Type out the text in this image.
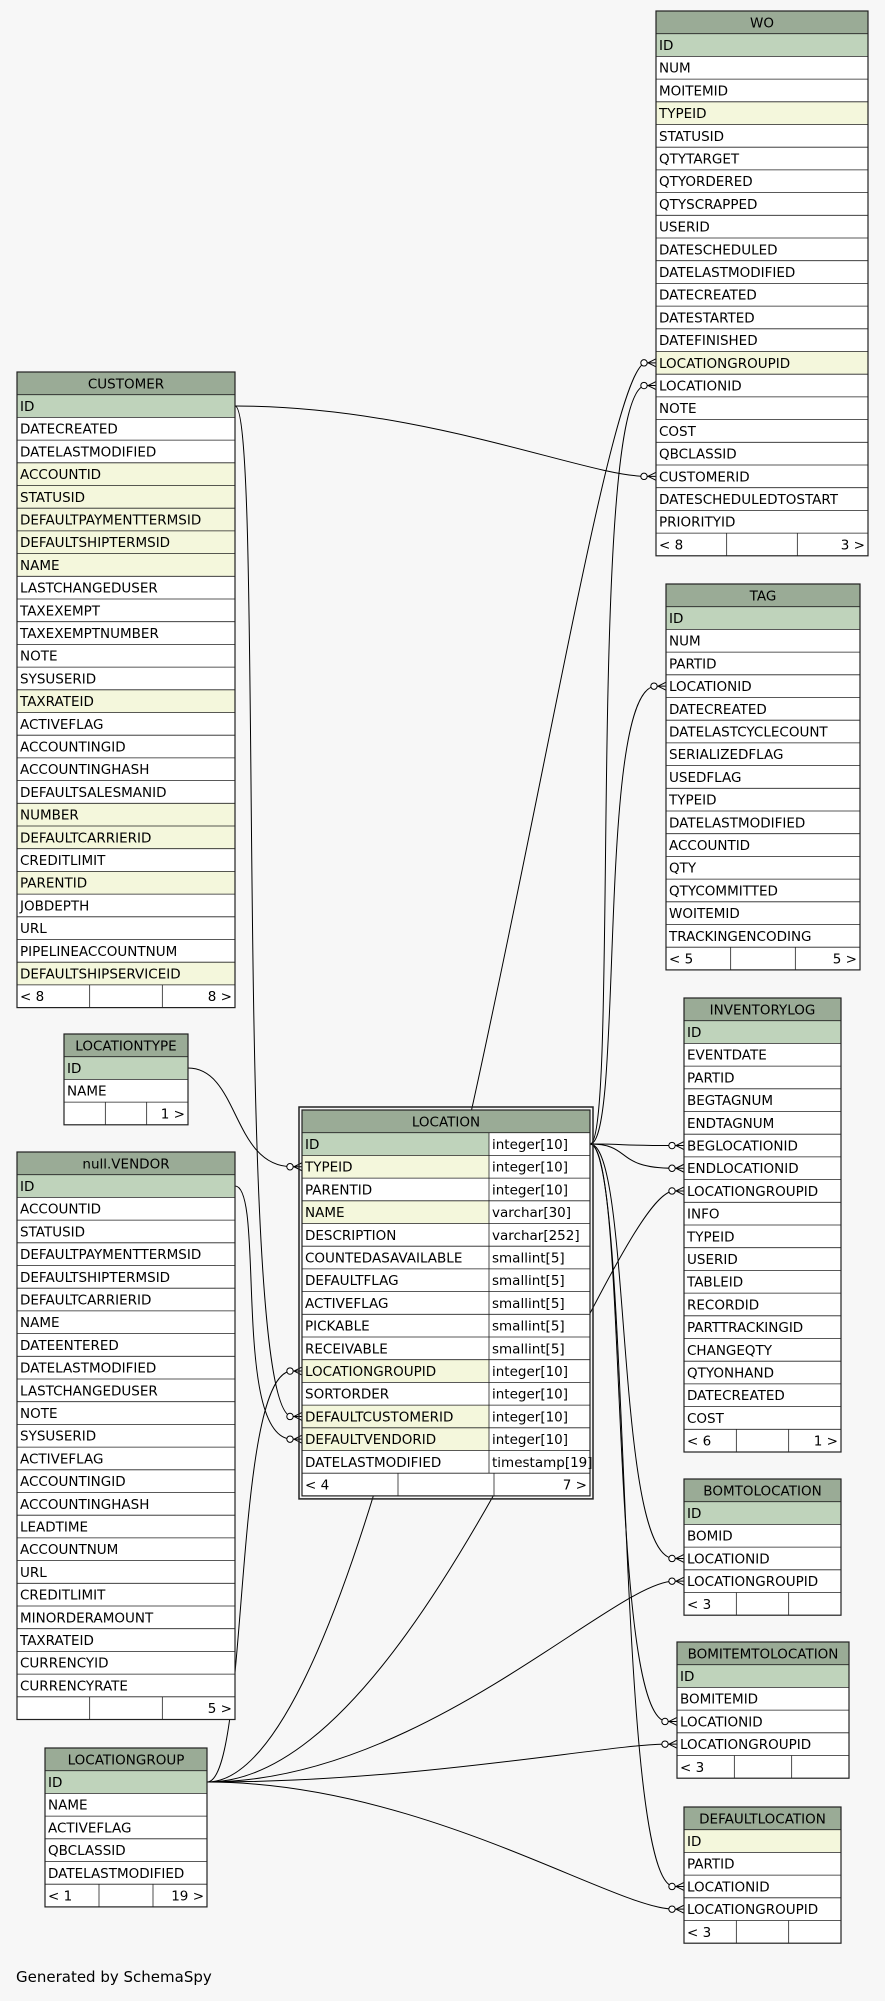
WO
ID
NUM
MOITEMID
TYPEID
STATUSID
QTYTARGET
QTYORDERED
QTYSCRAPPED
USERID
DATESCHEDULED
DATELASTMODIFIED
DATECREATED
DATESTARTED
DATEFINISHED
LOCATIONGROUPID
LOCATIONID
NOTE
COST
QBCLASSID
CUSTOMERID
DATESCHEDULEDTOSTART
PRIORITYID
< 8	3 >
TAG
ID
NUM
PARTID
LOCATIONID
DATECREATED
DATELASTCYCLECOUNT
SERIALIZEDFLAG
USEDFLAG
TYPEID
DATELASTMODIFIED
ACCOUNTID
QTY
QTYCOMMITTED
WOITEMID
TRACKINGENCODING
< 5	5 >
CUSTOMER
ID
DATECREATED
DATELASTMODIFIED
ACCOUNTID
STATUSID
DEFAULTPAYMENTTERMSID
DEFAULTSHIPTERMSID
NAME
LASTCHANGEDUSER
TAXEXEMPT
TAXEXEMPTNUMBER
NOTE
SYSUSERID
TAXRATEID
ACTIVEFLAG
ACCOUNTINGID
ACCOUNTINGHASH
DEFAULTSALESMANID
NUMBER
DEFAULTCARRIERID
CREDITLIMIT
PARENTID
JOBDEPTH
URL
PIPELINEACCOUNTNUM
DEFAULTSHIPSERVICEID
< 8	8 >
INVENTORYLOG
ID
EVENTDATE
PARTID
BEGTAGNUM
ENDTAGNUM
BEGLOCATIONID
ENDLOCATIONID
LOCATIONGROUPID
INFO
TYPEID
USERID
TABLEID
RECORDID
PARTTRACKINGID
CHANGEQTY
QTYONHAND
DATECREATED
COST
< 6	1 >
LOCATIONTYPE
ID
NAME
1 >	LOCATION
ID	integer[10]
TYPEID	integer[10]
PARENTID	integer[10]
NAME	varchar[30]
DESCRIPTION	varchar[252]
COUNTEDASAVAILABLE smallint[5]
DEFAULTFLAG	smallint[5]
ACTIVEFLAG	smallint[5]
PICKABLE	smallint[5]
RECEIVABLE	smallint[5]
LOCATIONGROUPID	integer[10]
SORTORDER	integer[10]
DEFAULTCUSTOMERID	integer[10]
DEFAULTVENDORID	integer[10]
DATELASTMODIFIED	timestamp[19]
< 4	7 >
null.VENDOR
ID
ACCOUNTID
STATUSID
DEFAULTPAYMENTTERMSID
DEFAULTSHIPTERMSID
DEFAULTCARRIERID
NAME
DATEENTERED
DATELASTMODIFIED
LASTCHANGEDUSER
NOTE
SYSUSERID
ACTIVEFLAG
ACCOUNTINGID
ACCOUNTINGHASH
LEADTIME
ACCOUNTNUM
URL
CREDITLIMIT
MINORDERAMOUNT
TAXRATEID
CURRENCYID
CURRENCYRATE
5 >
BOMTOLOCATION
ID
BOMID
LOCATIONID
LOCATIONGROUPID
< 3
BOMITEMTOLOCATION
ID
BOMITEMID
LOCATIONID
LOCATIONGROUPID
< 3
LOCATIONGROUP
ID
NAME
ACTIVEFLAG
QBCLASSID
DATELASTMODIFIED
< 1	19 >
DEFAULTLOCATION
ID
PARTID
LOCATIONID
LOCATIONGROUPID
< 3
Generated by SchemaSpy
